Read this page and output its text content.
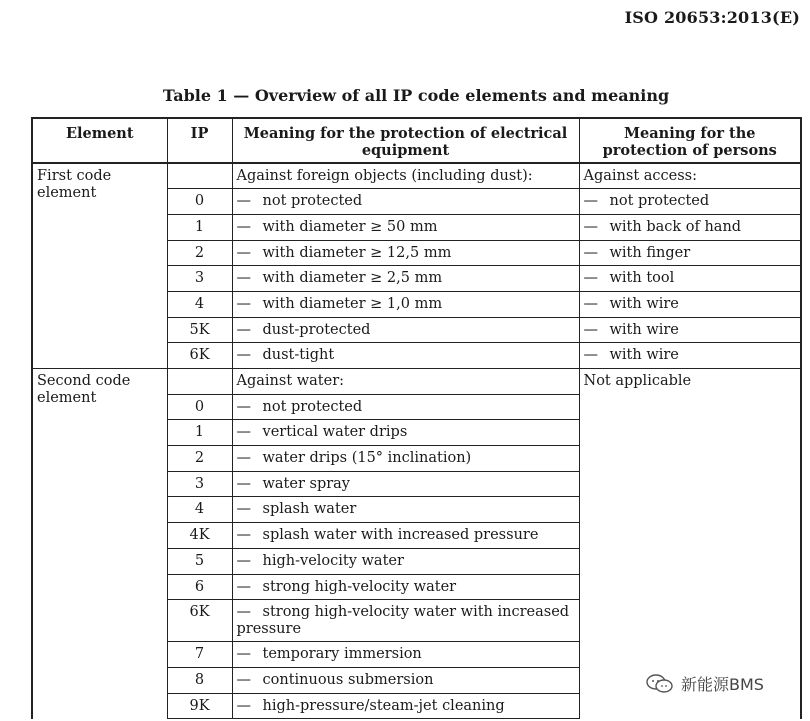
ISO 20653:2013(E)
Table 1 — Overview of all IP code elements and meaning
Element	IP	Meaning for the protection of electrical equipment	Meaning for the protection of persons
First code element		Against foreign objects (including dust):	Against access:
	0	— not protected	— not protected
	1	— with diameter ≥ 50 mm	— with back of hand
	2	— with diameter ≥ 12,5 mm	— with finger
	3	— with diameter ≥ 2,5 mm	— with tool
	4	— with diameter ≥ 1,0 mm	— with wire
	5K	— dust-protected	— with wire
	6K	— dust-tight	— with wire
Second code element		Against water:	Not applicable
	0	— not protected	
	1	— vertical water drips	
	2	— water drips (15° inclination)	
	3	— water spray	
	4	— splash water	
	4K	— splash water with increased pressure	
	5	— high-velocity water	
	6	— strong high-velocity water	
	6K	— strong high-velocity water with increased pressure	
	7	— temporary immersion	
	8	— continuous submersion	
	9K	— high-pressure/steam-jet cleaning	
新能源BMS
